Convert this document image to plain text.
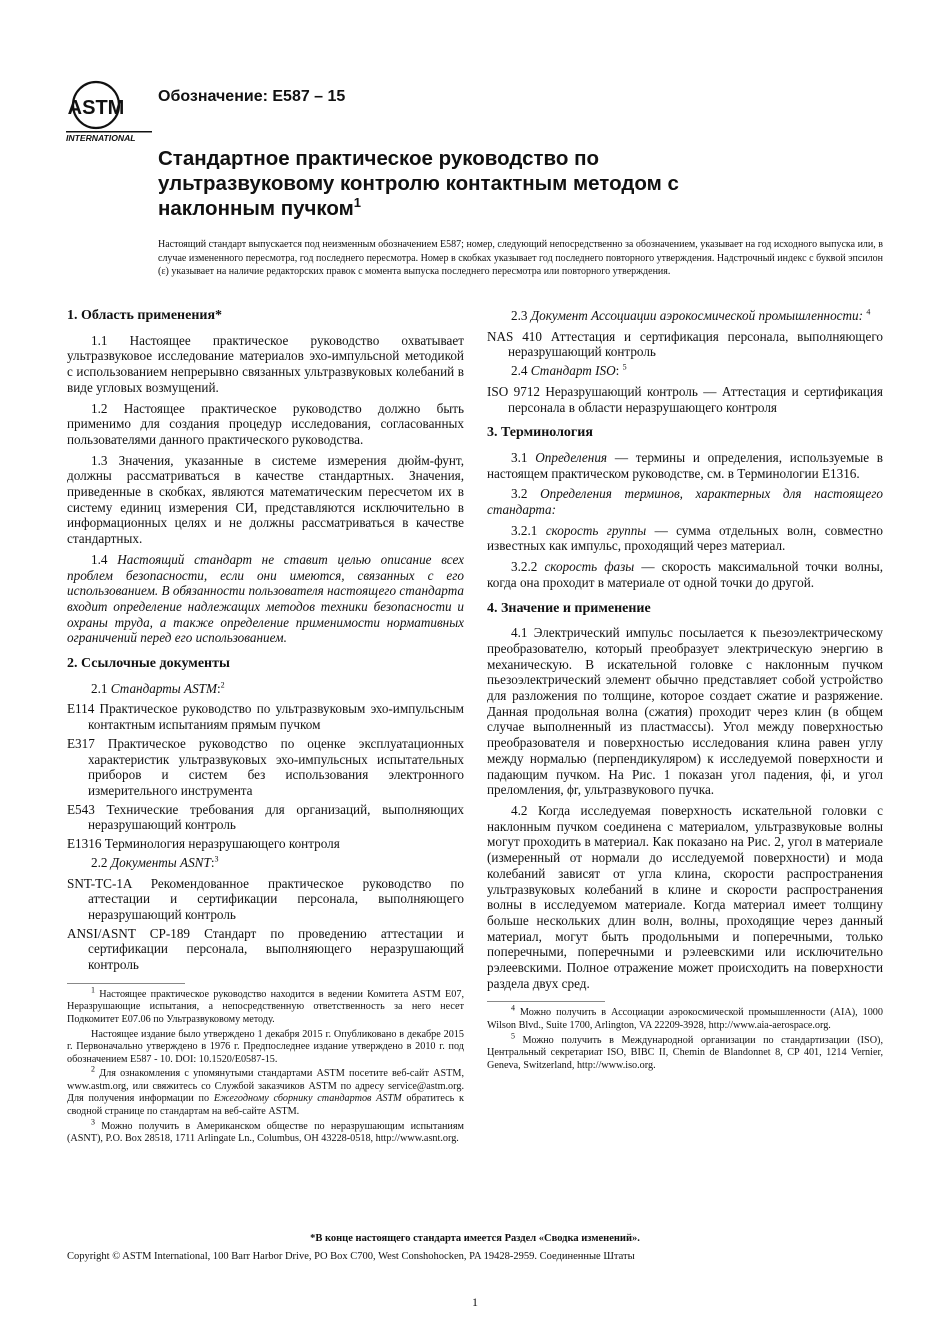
ASTM
INTERNATIONAL
Обозначение: E587 – 15
Стандартное практическое руководство по ультразвуковому контролю контактным методом с наклонным пучком$^1$

Настоящий стандарт выпускается под неизменным обозначением E587; номер, следующий непосредственно за обозначением, указывает на год исходного выпуска или, в случае измененного пересмотра, год последнего пересмотра. Номер в скобках указывает год последнего повторного утверждения. Надстрочный индекс с буквой эпсилон (ε) указывает на наличие редакторских правок с момента выпуска последнего пересмотра или повторного утверждения.

1. Область применения*

1.1 Настоящее практическое руководство охватывает ультразвуковое исследование материалов эхо-импульсной методикой с использованием непрерывно связанных ультразвуковых колебаний в виде угловых возмущений.

1.2 Настоящее практическое руководство должно быть применимо для создания процедур исследования, согласованных пользователями данного практического руководства.

1.3 Значения, указанные в системе измерения дюйм-фунт, должны рассматриваться в качестве стандартных. Значения, приведенные в скобках, являются математическим пересчетом их в систему единиц измерения СИ, представляются исключительно в информационных целях и не должны рассматриваться в качестве стандартных.

1.4 Настоящий стандарт не ставит целью описание всех проблем безопасности, если они имеются, связанных с его использованием. В обязанности пользователя настоящего стандарта входит определение надлежащих методов техники безопасности и охраны труда, а также определение применимости нормативных ограничений перед его использованием.

2. Ссылочные документы

2.1 Стандарты ASTM:$^2$

E114 Практическое руководство по ультразвуковым эхо-импульсным контактным испытаниям прямым пучком

E317 Практическое руководство по оценке эксплуатационных характеристик ультразвуковых эхо-импульсных испытательных приборов и систем без использования электронного измерительного инструмента

E543 Технические требования для организаций, выполняющих неразрушающий контроль

E1316 Терминология неразрушающего контроля

2.2 Документы ASNT:$^3$

SNT-TC-1A Рекомендованное практическое руководство по аттестации и сертификации персонала, выполняющего неразрушающий контроль

ANSI/ASNT CP-189 Стандарт по проведению аттестации и сертификации персонала, выполняющего неразрушающий контроль

$^1$ Настоящее практическое руководство находится в ведении Комитета ASTM E07, Неразрушающие испытания, а непосредственную ответственность за него несет Подкомитет E07.06 по Ультразвуковому методу.

Настоящее издание было утверждено 1 декабря 2015 г. Опубликовано в декабре 2015 г. Первоначально утверждено в 1976 г. Предпоследнее издание утверждено в 2010 г. под обозначением E587 - 10. DOI: 10.1520/E0587-15.

$^2$ Для ознакомления с упомянутыми стандартами ASTM посетите веб-сайт ASTM, www.astm.org, или свяжитесь со Службой заказчиков ASTM по адресу service@astm.org. Для получения информации по Ежегодному сборнику стандартов ASTM обратитесь к сводной странице по стандартам на веб-сайте ASTM.

$^3$ Можно получить в Американском обществе по неразрушающим испытаниям (ASNT), P.O. Box 28518, 1711 Arlingate Ln., Columbus, OH 43228-0518, http://www.asnt.org.

2.3 Документ Ассоциации аэрокосмической промышленности: $^4$

NAS 410 Аттестация и сертификация персонала, выполняющего неразрушающий контроль

2.4 Стандарт ISO: $^5$

ISO 9712 Неразрушающий контроль — Аттестация и сертификация персонала в области неразрушающего контроля

3. Терминология

3.1 Определения — термины и определения, используемые в настоящем практическом руководстве, см. в Терминологии E1316.

3.2 Определения терминов, характерных для настоящего стандарта:

3.2.1 скорость группы — сумма отдельных волн, совместно известных как импульс, проходящий через материал.

3.2.2 скорость фазы — скорость максимальной точки волны, когда она проходит в материале от одной точки до другой.

4. Значение и применение

4.1 Электрический импульс посылается к пьезоэлектрическому преобразователю, который преобразует электрическую энергию в механическую. В искательной головке с наклонным пучком пьезоэлектрический элемент обычно представляет собой устройство для разложения по толщине, которое создает сжатие и разряжение. Данная продольная волна (сжатия) проходит через клин (в общем случае выполненный из пластмассы). Угол между поверхностью преобразователя и поверхностью исследования клина равен углу между нормалью (перпендикуляром) к исследуемой поверхности и падающим пучком. На Рис. 1 показан угол падения, ϕi, и угол преломления, ϕr, ультразвукового пучка.

4.2 Когда исследуемая поверхность искательной головки с наклонным пучком соединена с материалом, ультразвуковые волны могут проходить в материал. Как показано на Рис. 2, угол в материале (измеренный от нормали до исследуемой поверхности) и мода колебаний зависят от угла клина, скорости распространения ультразвуковых колебаний в клине и скорости распространения волны в исследуемом материале. Когда материал имеет толщину больше нескольких длин волн, волны, проходящие через данный материал, могут быть продольными и поперечными, только поперечными, поперечными и рэлеевскими или исключительно рэлеевскими. Полное отражение может происходить на поверхности раздела двух сред.

$^4$ Можно получить в Ассоциации аэрокосмической промышленности (AIA), 1000 Wilson Blvd., Suite 1700, Arlington, VA 22209-3928, http://www.aia-aerospace.org.

$^5$ Можно получить в Международной организации по стандартизации (ISO), Центральный секретариат ISO, BIBC II, Chemin de Blandonnet 8, CP 401, 1214 Vernier, Geneva, Switzerland, http://www.iso.org.

*В конце настоящего стандарта имеется Раздел «Сводка изменений».
Copyright © ASTM International, 100 Barr Harbor Drive, PO Box C700, West Conshohocken, PA 19428-2959. Соединенные Штаты
1
